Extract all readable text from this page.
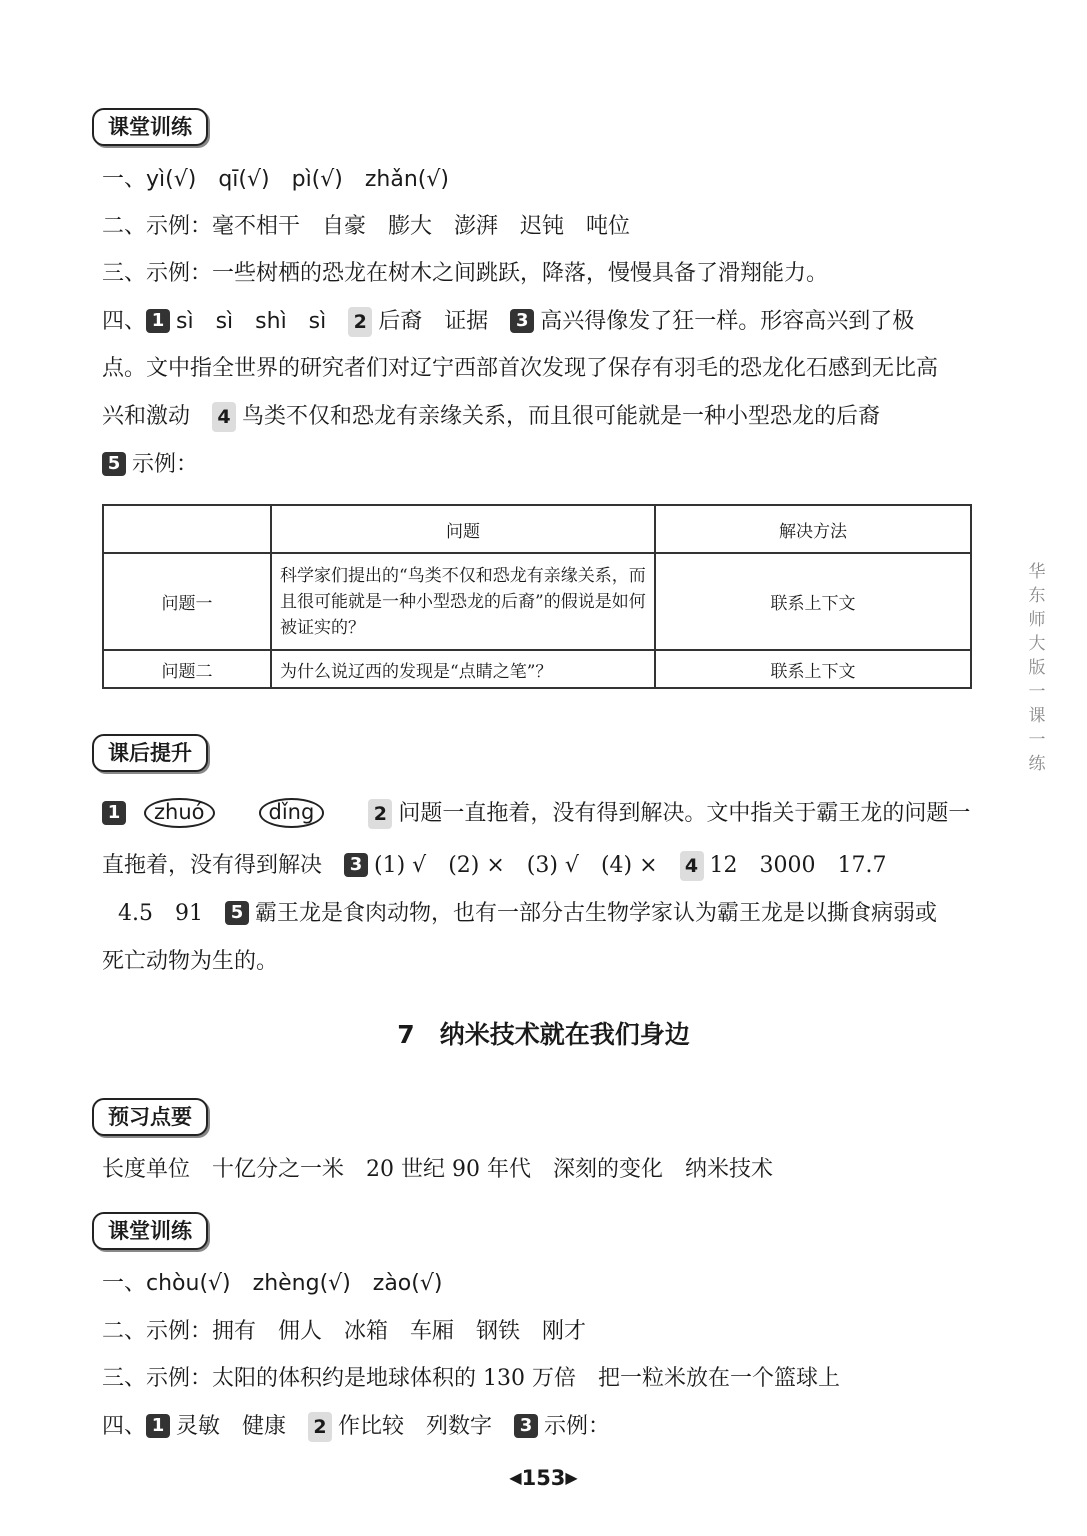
课堂训练
一、yì(√) qī(√) pì(√) zhǎn(√)
二、示例：毫不相干　自豪　膨大　澎湃　迟钝　吨位
三、示例：一些树栖的恐龙在树木之间跳跃，降落，慢慢具备了滑翔能力。
四、 1 sì　sì　shì　sì 2 后裔　证据 3 高兴得像发了狂一样。形容高兴到了极
点。文中指全世界的研究者们对辽宁西部首次发现了保存有羽毛的恐龙化石感到无比高
兴和激动 4 鸟类不仅和恐龙有亲缘关系，而且很可能就是一种小型恐龙的后裔
5 示例：
	问题	解决方法
问题一	科学家们提出的“鸟类不仅和恐龙有亲缘关系，而且很可能就是一种小型恐龙的后裔”的假说是如何被证实的？	联系上下文
问题二	为什么说辽西的发现是“点睛之笔”？	联系上下文
课后提升
1 zhuó	dǐng	2 问题一直拖着，没有得到解决。文中指关于霸王龙的问题一
直拖着，没有得到解决 3 (1) √　(2) ×　(3) √　(4) × 4 12　3000　17.7
4.5　91 5 霸王龙是食肉动物，也有一部分古生物学家认为霸王龙是以撕食病弱或
死亡动物为生的。
7　纳米技术就在我们身边
预习点要
长度单位　十亿分之一米　20 世纪 90 年代　深刻的变化　纳米技术
课堂训练
一、chòu(√) zhèng(√) zào(√)
二、示例：拥有　佣人　冰箱　车厢　钢铁　刚才
三、示例：太阳的体积约是地球体积的 130 万倍　把一粒米放在一个篮球上
四、 1 灵敏　健康 2 作比较　列数字 3 示例：
华东师大版一课一练
◀153▶
